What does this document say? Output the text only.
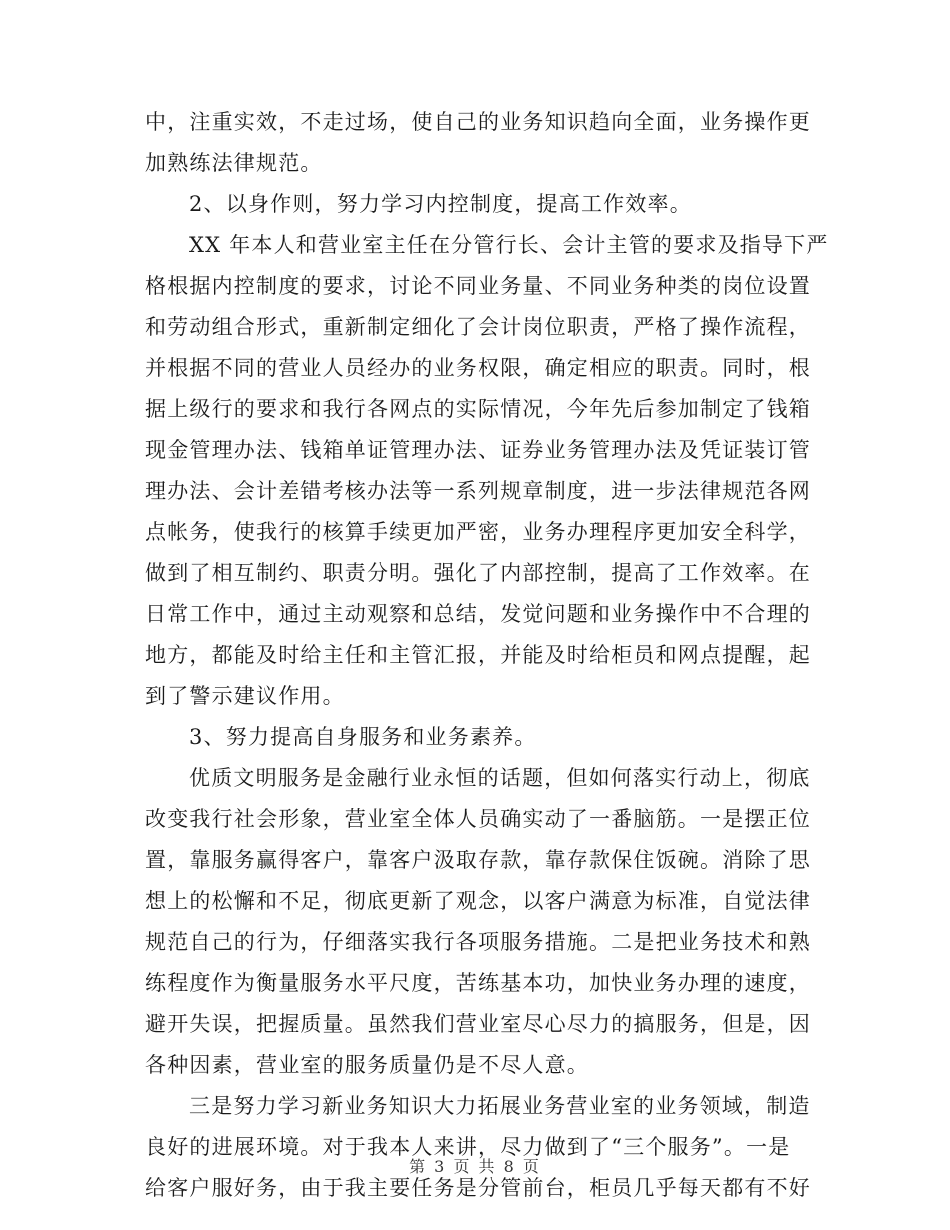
中，注重实效，不走过场，使自己的业务知识趋向全面，业务操作更
加熟练法律规范。
2、以身作则，努力学习内控制度，提高工作效率。
XX 年本人和营业室主任在分管行长、会计主管的要求及指导下严
格根据内控制度的要求，讨论不同业务量、不同业务种类的岗位设置
和劳动组合形式，重新制定细化了会计岗位职责，严格了操作流程，
并根据不同的营业人员经办的业务权限，确定相应的职责。同时，根
据上级行的要求和我行各网点的实际情况，今年先后参加制定了钱箱
现金管理办法、钱箱单证管理办法、证券业务管理办法及凭证装订管
理办法、会计差错考核办法等一系列规章制度，进一步法律规范各网
点帐务，使我行的核算手续更加严密，业务办理程序更加安全科学，
做到了相互制约、职责分明。强化了内部控制，提高了工作效率。在
日常工作中，通过主动观察和总结，发觉问题和业务操作中不合理的
地方，都能及时给主任和主管汇报，并能及时给柜员和网点提醒，起
到了警示建议作用。
3、努力提高自身服务和业务素养。
优质文明服务是金融行业永恒的话题，但如何落实行动上，彻底
改变我行社会形象，营业室全体人员确实动了一番脑筋。一是摆正位
置，靠服务赢得客户，靠客户汲取存款，靠存款保住饭碗。消除了思
想上的松懈和不足，彻底更新了观念，以客户满意为标准，自觉法律
规范自己的行为，仔细落实我行各项服务措施。二是把业务技术和熟
练程度作为衡量服务水平尺度，苦练基本功，加快业务办理的速度，
避开失误，把握质量。虽然我们营业室尽心尽力的搞服务，但是，因
各种因素，营业室的服务质量仍是不尽人意。
三是努力学习新业务知识大力拓展业务营业室的业务领域，制造
良好的进展环境。对于我本人来讲，尽力做到了“三个服务”。一是
给客户服好务，由于我主要任务是分管前台，柜员几乎每天都有不好
第 3 页 共 8 页
